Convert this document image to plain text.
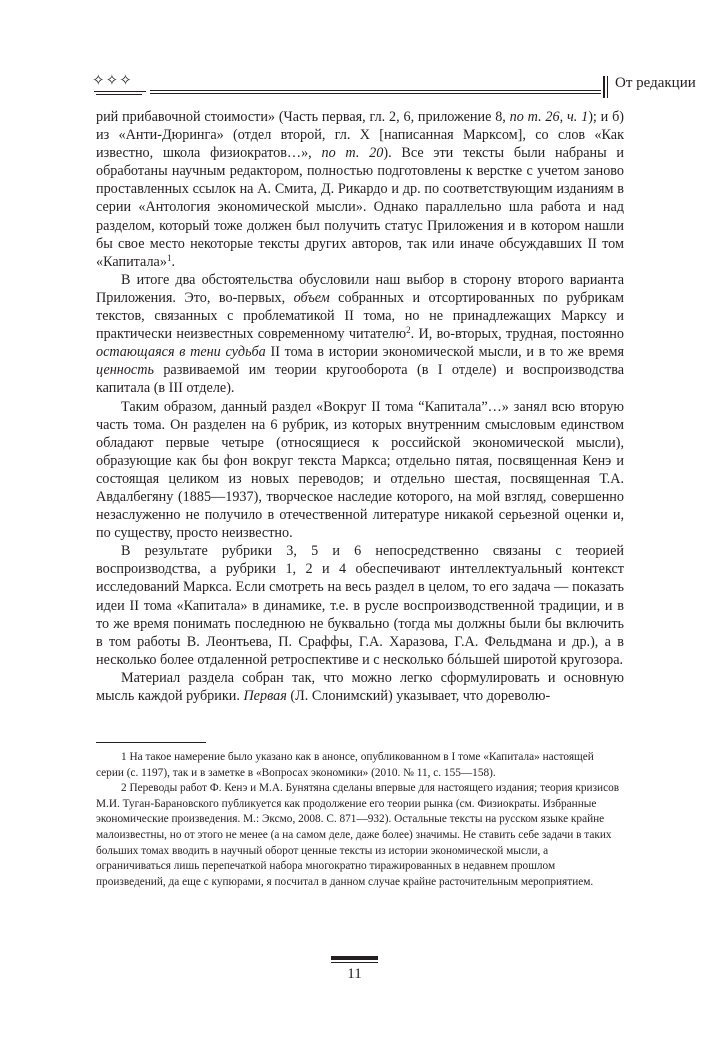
✧✧✧	От редакции

рий прибавочной стоимости» (Часть первая, гл. 2, 6, приложение 8, по т. 26, ч. 1); и б) из «Анти-Дюринга» (отдел второй, гл. X [написанная Марксом], со слов «Как известно, школа физиократов…», по т. 20). Все эти тексты были набраны и обработаны научным редактором, полностью подготовлены к верстке с учетом заново проставленных ссылок на А. Смита, Д. Рикардо и др. по соответствующим изданиям в серии «Антология экономической мысли». Однако параллельно шла работа и над разделом, который тоже должен был получить статус Приложения и в котором нашли бы свое место некоторые тексты других авторов, так или иначе обсуждавших II том «Капитала»$^1$.

В итоге два обстоятельства обусловили наш выбор в сторону второго варианта Приложения. Это, во-первых, объем собранных и отсортированных по рубрикам текстов, связанных с проблематикой II тома, но не принадлежащих Марксу и практически неизвестных современному читателю$^2$. И, во-вторых, трудная, постоянно остающаяся в тени судьба II тома в истории экономической мысли, и в то же время ценность развиваемой им теории кругооборота (в I отделе) и воспроизводства капитала (в III отделе).

Таким образом, данный раздел «Вокруг II тома “Капитала”…» занял всю вторую часть тома. Он разделен на 6 рубрик, из которых внутренним смысловым единством обладают первые четыре (относящиеся к российской экономической мысли), образующие как бы фон вокруг текста Маркса; отдельно пятая, посвященная Кенэ и состоящая целиком из новых переводов; и отдельно шестая, посвященная Т.А. Авдалбегяну (1885—1937), творческое наследие которого, на мой взгляд, совершенно незаслуженно не получило в отечественной литературе никакой серьезной оценки и, по существу, просто неизвестно.

В результате рубрики 3, 5 и 6 непосредственно связаны с теорией воспроизводства, а рубрики 1, 2 и 4 обеспечивают интеллектуальный контекст исследований Маркса. Если смотреть на весь раздел в целом, то его задача — показать идеи II тома «Капитала» в динамике, т.е. в русле воспроизводственной традиции, и в то же время понимать последнюю не буквально (тогда мы должны были бы включить в том работы В. Леонтьева, П. Сраффы, Г.А. Харазова, Г.А. Фельдмана и др.), а в несколько более отдаленной ретроспективе и с несколько бóльшей широтой кругозора.

Материал раздела собран так, что можно легко сформулировать и основную мысль каждой рубрики. Первая (Л. Слонимский) указывает, что дореволю-

1 На такое намерение было указано как в анонсе, опубликованном в I томе «Капитала» настоящей серии (с. 1197), так и в заметке в «Вопросах экономики» (2010. № 11, с. 155—158).

2 Переводы работ Ф. Кенэ и М.А. Бунятяна сделаны впервые для настоящего издания; теория кризисов М.И. Туган-Барановского публикуется как продолжение его теории рынка (см. Физиократы. Избранные экономические произведения. М.: Эксмо, 2008. С. 871—932). Остальные тексты на русском языке крайне малоизвестны, но от этого не менее (а на самом деле, даже более) значимы. Не ставить себе задачи в таких больших томах вводить в научный оборот ценные тексты из истории экономической мысли, а ограничиваться лишь перепечаткой набора многократно тиражированных в недавнем прошлом произведений, да еще с купюрами, я посчитал в данном случае крайне расточительным мероприятием.

11
